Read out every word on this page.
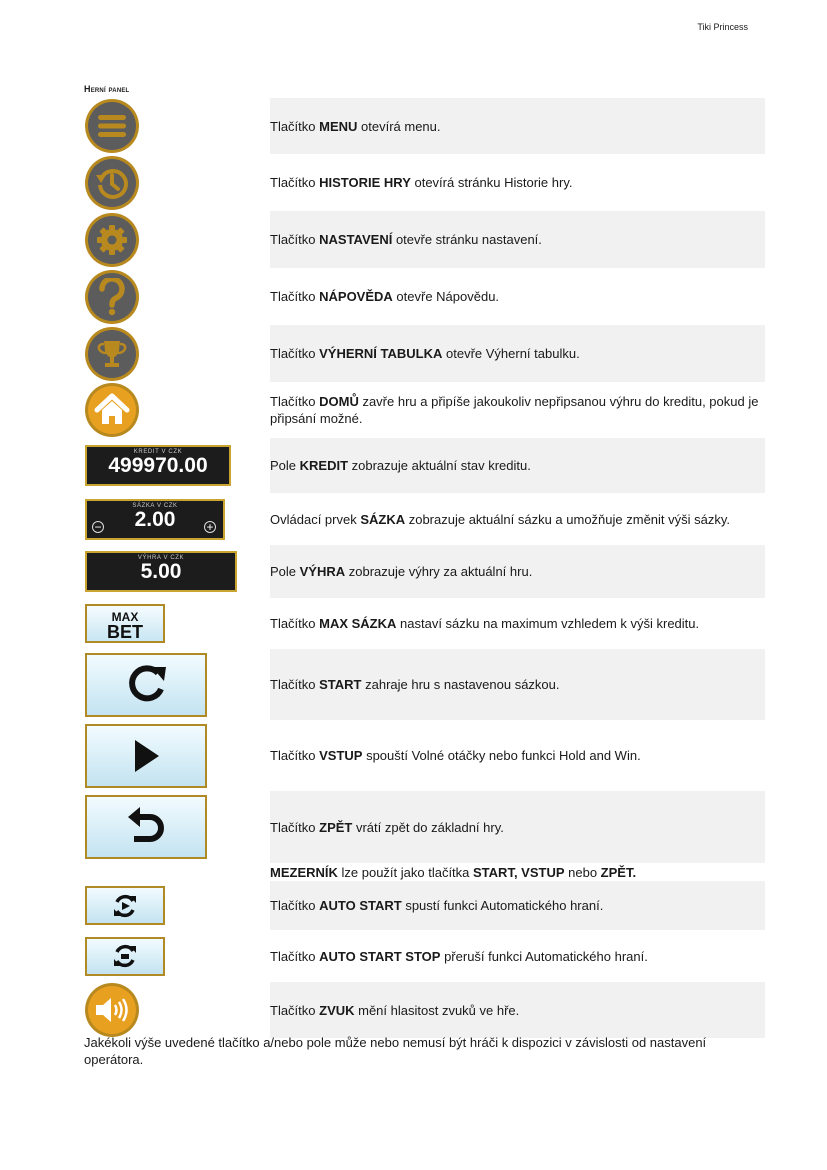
Tiki Princess
Herní panel
	Tlačítko MENU otevírá menu.

	Tlačítko HISTORIE HRY otevírá stránku Historie hry.

	Tlačítko NASTAVENÍ otevře stránku nastavení.

	Tlačítko NÁPOVĚDA otevře Nápovědu.

	Tlačítko VÝHERNÍ TABULKA otevře Výherní tabulku.

	Tlačítko DOMŮ zavře hru a připíše jakoukoliv nepřipsanou výhru do kreditu, pokud je připsání možné.

KREDIT V CZK
499970.00	Pole KREDIT zobrazuje aktuální stav kreditu.

SÁZKA V CZK
2.00
− +	Ovládací prvek SÁZKA zobrazuje aktuální sázku a umožňuje změnit výši sázky.

VÝHRA V CZK
5.00	Pole VÝHRA zobrazuje výhry za aktuální hru.

MAX
BET	Tlačítko MAX SÁZKA nastaví sázku na maximum vzhledem k výši kreditu.

	Tlačítko START zahraje hru s nastavenou sázkou.

	Tlačítko VSTUP spouští Volné otáčky nebo funkci Hold and Win.

	Tlačítko ZPĚT vrátí zpět do základní hry.
	MEZERNÍK lze použít jako tlačítka START, VSTUP nebo ZPĚT.

	Tlačítko AUTO START spustí funkci Automatického hraní.

	Tlačítko AUTO START STOP přeruší funkci Automatického hraní.

	Tlačítko ZVUK mění hlasitost zvuků ve hře.
Jakékoli výše uvedené tlačítko a/nebo pole může nebo nemusí být hráči k dispozici v závislosti od nastavení operátora.
